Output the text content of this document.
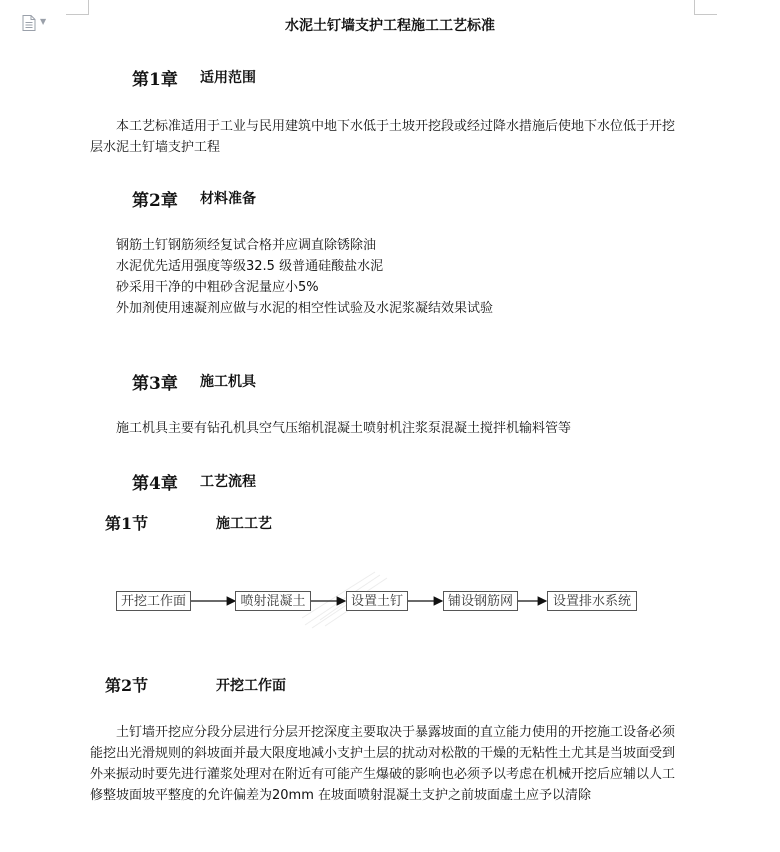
▼	水泥土钉墙支护工程施工工艺标准
第1章 适用范围

本工艺标准适用于工业与民用建筑中地下水低于土坡开挖段或经过降水措施后使地下水位低于开挖层水泥土钉墙支护工程

第2章 材料准备
钢筋土钉钢筋须经复试合格并应调直除锈除油
水泥优先适用强度等级32.5 级普通硅酸盐水泥
砂采用干净的中粗砂含泥量应小5%
外加剂使用速凝剂应做与水泥的相空性试验及水泥浆凝结效果试验
第3章 施工机具

施工机具主要有钻孔机具空气压缩机混凝土喷射机注浆泵混凝土搅拌机输料管等

第4章 工艺流程
第1节	施工工艺
开挖工作面	喷射混凝土	设置土钉	铺设钢筋网	设置排水系统
第2节	开挖工作面

土钉墙开挖应分段分层进行分层开挖深度主要取决于暴露坡面的直立能力使用的开挖施工设备必须能挖出光滑规则的斜坡面并最大限度地减小支护土层的扰动对松散的干燥的无粘性土尤其是当坡面受到外来振动时要先进行灌浆处理对在附近有可能产生爆破的影响也必须予以考虑在机械开挖后应辅以人工修整坡面坡平整度的允许偏差为20mm 在坡面喷射混凝土支护之前坡面虚土应予以清除
